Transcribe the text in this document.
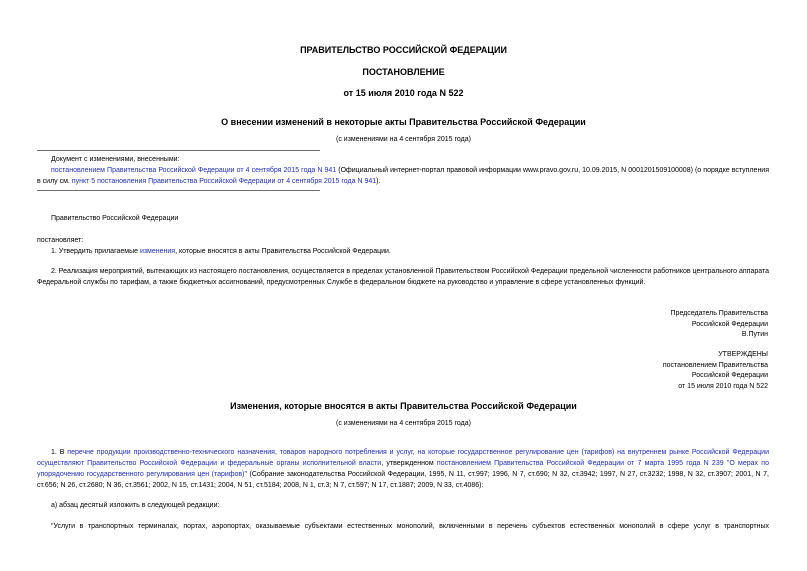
ПРАВИТЕЛЬСТВО РОССИЙСКОЙ ФЕДЕРАЦИИ
ПОСТАНОВЛЕНИЕ
от 15 июля 2010 года N 522
О внесении изменений в некоторые акты Правительства Российской Федерации
(с изменениями на 4 сентября 2015 года)
Документ с изменениями, внесенными:
постановлением Правительства Российской Федерации от 4 сентября 2015 года N 941 (Официальный интернет-портал правовой информации www.pravo.gov.ru, 10.09.2015, N 0001201509100008) (о порядке вступления в силу см. пункт 5 постановления Правительства Российской Федерации от 4 сентября 2015 года N 941).
Правительство Российской Федерации
постановляет:
1. Утвердить прилагаемые изменения, которые вносятся в акты Правительства Российской Федерации.
2. Реализация мероприятий, вытекающих из настоящего постановления, осуществляется в пределах установленной Правительством Российской Федерации предельной численности работников центрального аппарата Федеральной службы по тарифам, а также бюджетных ассигнований, предусмотренных Службе в федеральном бюджете на руководство и управление в сфере установленных функций.
Председатель Правительства
Российской Федерации
В.Путин
УТВЕРЖДЕНЫ
постановлением Правительства
Российской Федерации
от 15 июля 2010 года N 522
Изменения, которые вносятся в акты Правительства Российской Федерации
(с изменениями на 4 сентября 2015 года)
1. В перечне продукции производственно-технического назначения, товаров народного потребления и услуг, на которые государственное регулирование цен (тарифов) на внутреннем рынке Российской Федерации осуществляют Правительство Российской Федерации и федеральные органы исполнительной власти, утвержденном постановлением Правительства Российской Федерации от 7 марта 1995 года N 239 "О мерах по упорядочению государственного регулирования цен (тарифов)" (Собрание законодательства Российской Федерации, 1995, N 11, ст.997; 1996, N 7, ст.690; N 32, ст.3942; 1997, N 27, ст.3232; 1998, N 32, ст.3907; 2001, N 7, ст.656; N 26, ст.2680; N 36, ст.3561; 2002, N 15, ст.1431; 2004, N 51, ст.5184; 2008, N 1, ст.3; N 7, ст.597; N 17, ст.1887; 2009, N 33, ст.4086):
а) абзац десятый изложить в следующей редакции:
"Услуги в транспортных терминалах, портах, аэропортах, оказываемые субъектами естественных монополий, включенными в перечень субъектов естественных монополий в сфере услуг в транспортных
